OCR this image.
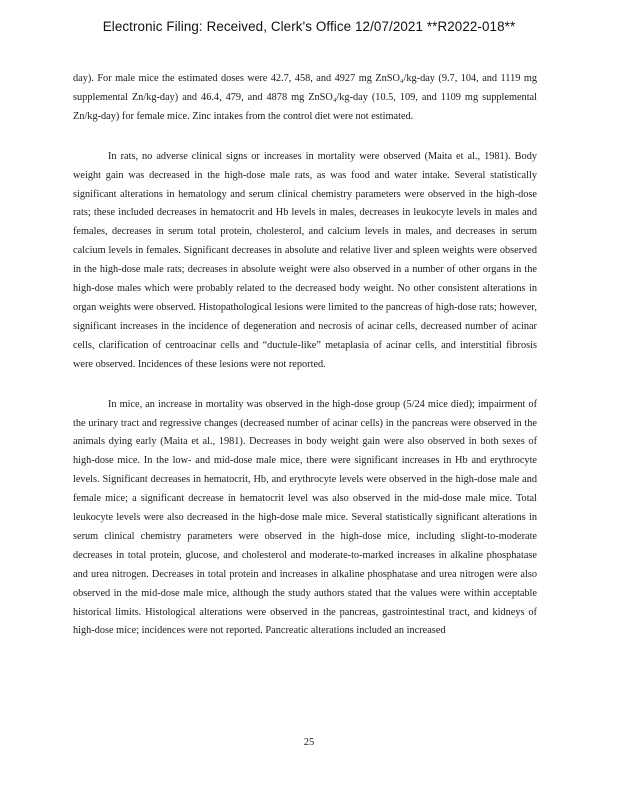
Electronic Filing: Received, Clerk's Office 12/07/2021 **R2022-018**

day). For male mice the estimated doses were 42.7, 458, and 4927 mg ZnSO₄/kg-day (9.7, 104, and 1119 mg supplemental Zn/kg-day) and 46.4, 479, and 4878 mg ZnSO₄/kg-day (10.5, 109, and 1109 mg supplemental Zn/kg-day) for female mice. Zinc intakes from the control diet were not estimated.

In rats, no adverse clinical signs or increases in mortality were observed (Maita et al., 1981). Body weight gain was decreased in the high-dose male rats, as was food and water intake. Several statistically significant alterations in hematology and serum clinical chemistry parameters were observed in the high-dose rats; these included decreases in hematocrit and Hb levels in males, decreases in leukocyte levels in males and females, decreases in serum total protein, cholesterol, and calcium levels in males, and decreases in serum calcium levels in females. Significant decreases in absolute and relative liver and spleen weights were observed in the high-dose male rats; decreases in absolute weight were also observed in a number of other organs in the high-dose males which were probably related to the decreased body weight. No other consistent alterations in organ weights were observed. Histopathological lesions were limited to the pancreas of high-dose rats; however, significant increases in the incidence of degeneration and necrosis of acinar cells, decreased number of acinar cells, clarification of centroacinar cells and “ductule-like” metaplasia of acinar cells, and interstitial fibrosis were observed. Incidences of these lesions were not reported.

In mice, an increase in mortality was observed in the high-dose group (5/24 mice died); impairment of the urinary tract and regressive changes (decreased number of acinar cells) in the pancreas were observed in the animals dying early (Maita et al., 1981). Decreases in body weight gain were also observed in both sexes of high-dose mice. In the low- and mid-dose male mice, there were significant increases in Hb and erythrocyte levels. Significant decreases in hematocrit, Hb, and erythrocyte levels were observed in the high-dose male and female mice; a significant decrease in hematocrit level was also observed in the mid-dose male mice. Total leukocyte levels were also decreased in the high-dose male mice. Several statistically significant alterations in serum clinical chemistry parameters were observed in the high-dose mice, including slight-to-moderate decreases in total protein, glucose, and cholesterol and moderate-to-marked increases in alkaline phosphatase and urea nitrogen. Decreases in total protein and increases in alkaline phosphatase and urea nitrogen were also observed in the mid-dose male mice, although the study authors stated that the values were within acceptable historical limits. Histological alterations were observed in the pancreas, gastrointestinal tract, and kidneys of high-dose mice; incidences were not reported. Pancreatic alterations included an increased

25
